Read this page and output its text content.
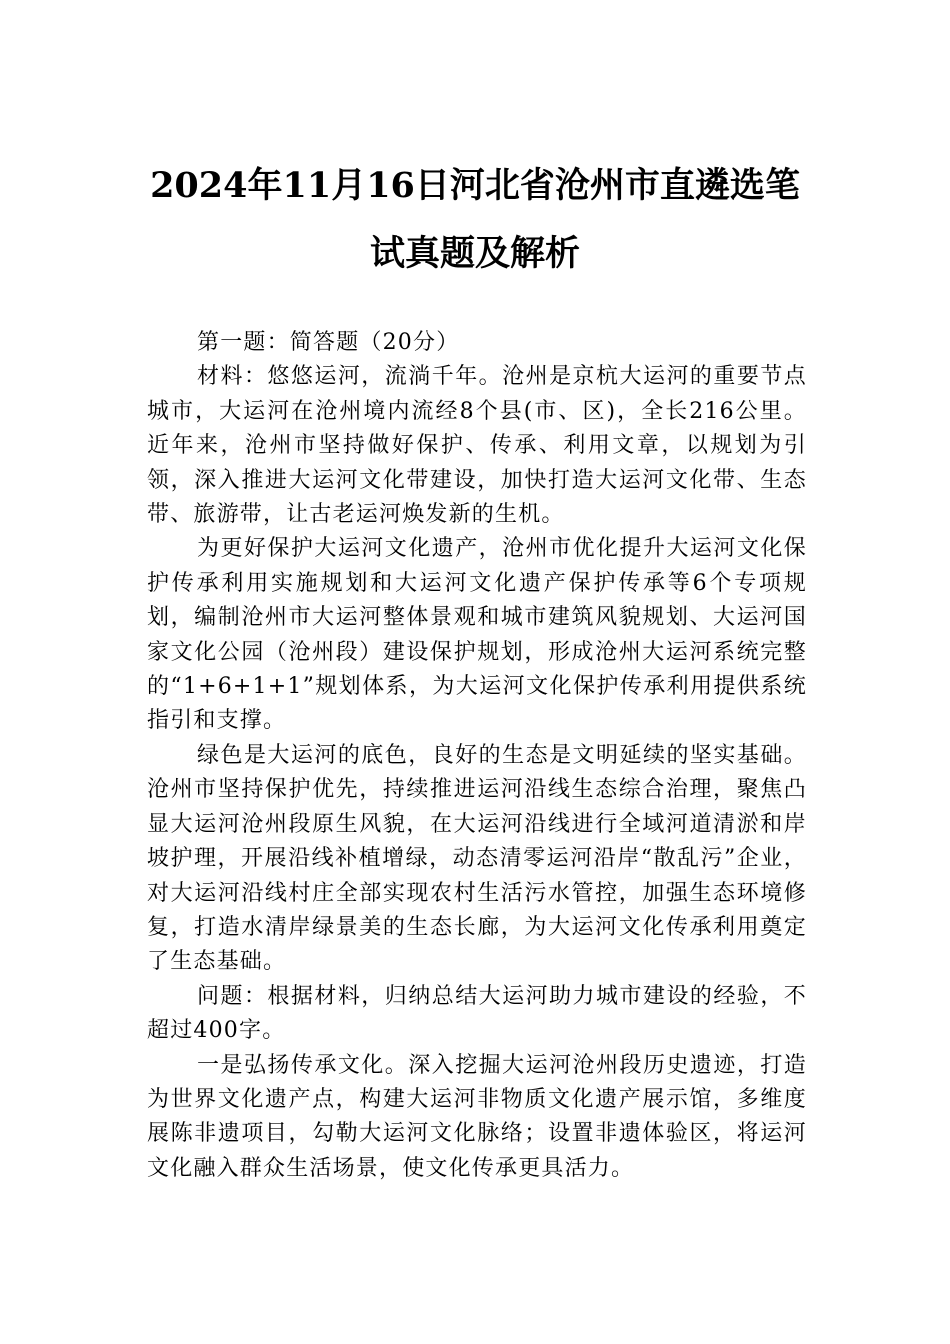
2024年11月16日河北省沧州市直遴选笔
试真题及解析

第一题：简答题（20分）

材料：悠悠运河，流淌千年。沧州是京杭大运河的重要节点城市，大运河在沧州境内流经8个县(市、区)，全长216公里。近年来，沧州市坚持做好保护、传承、利用文章，以规划为引领，深入推进大运河文化带建设，加快打造大运河文化带、生态带、旅游带，让古老运河焕发新的生机。

为更好保护大运河文化遗产，沧州市优化提升大运河文化保护传承利用实施规划和大运河文化遗产保护传承等6个专项规划，编制沧州市大运河整体景观和城市建筑风貌规划、大运河国家文化公园（沧州段）建设保护规划，形成沧州大运河系统完整的“1+6+1+1”规划体系，为大运河文化保护传承利用提供系统指引和支撑。

绿色是大运河的底色，良好的生态是文明延续的坚实基础。沧州市坚持保护优先，持续推进运河沿线生态综合治理，聚焦凸显大运河沧州段原生风貌，在大运河沿线进行全域河道清淤和岸坡护理，开展沿线补植增绿，动态清零运河沿岸“散乱污”企业，对大运河沿线村庄全部实现农村生活污水管控，加强生态环境修复，打造水清岸绿景美的生态长廊，为大运河文化传承利用奠定了生态基础。

问题：根据材料，归纳总结大运河助力城市建设的经验，不超过400字。

一是弘扬传承文化。深入挖掘大运河沧州段历史遗迹，打造为世界文化遗产点，构建大运河非物质文化遗产展示馆，多维度展陈非遗项目，勾勒大运河文化脉络；设置非遗体验区，将运河文化融入群众生活场景，使文化传承更具活力。
